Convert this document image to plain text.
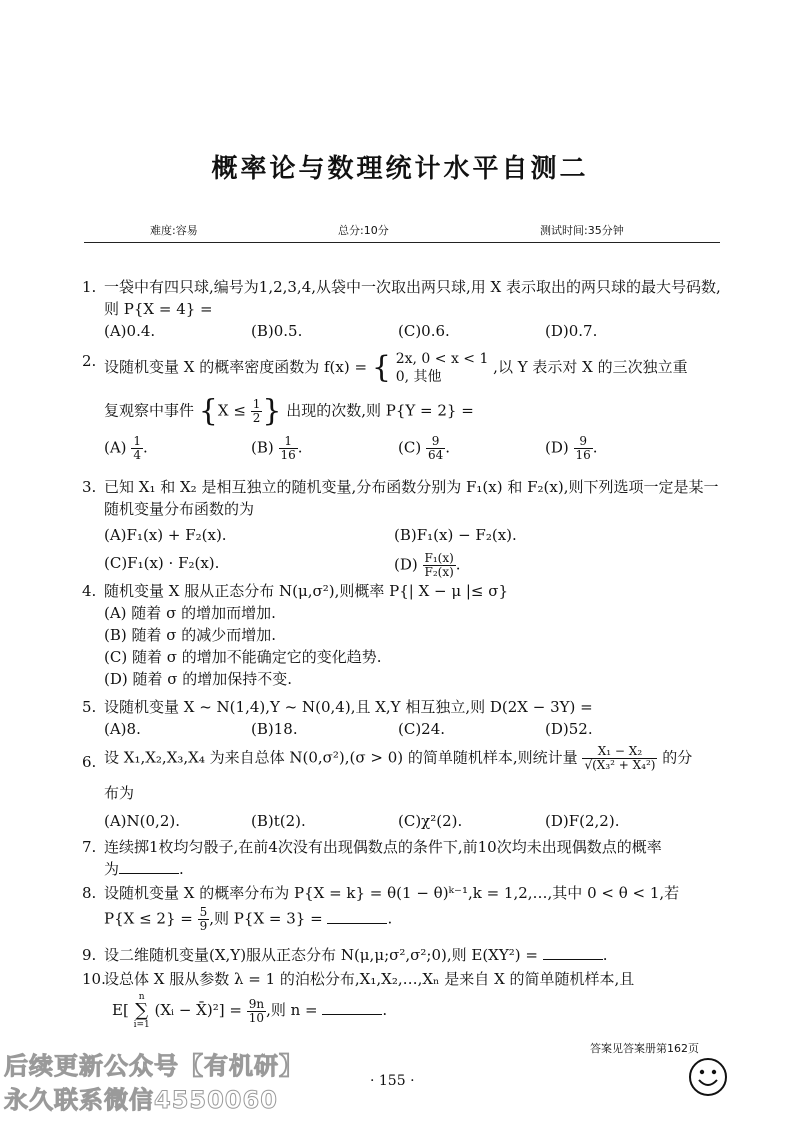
概率论与数理统计水平自测二
难度:容易	总分:10分	测试时间:35分钟
1. 一袋中有四只球,编号为1,2,3,4,从袋中一次取出两只球,用 X 表示取出的两只球的最大号码数,则 P{X = 4} =
(A)0.4.	(B)0.5.	(C)0.6.	(D)0.7.
2. 设随机变量 X 的概率密度函数为 f(x) = { 2x, 0 < x < 1
0, 其他
,以 Y 表示对 X 的三次独立重
复观察中事件 {$X \le \frac{1}{2}$ } 出现的次数,则 P{Y = 2} =
$(A) \frac{1}{4}$ .	$(B) \frac{1}{16}$ .	$(C) \frac{9}{64}$ .	$(D) \frac{9}{16}$ .
3. 已知 X₁ 和 X₂ 是相互独立的随机变量,分布函数分别为 F₁(x) 和 F₂(x),则下列选项一定是某一随机变量分布函数的为
(A)F₁(x) + F₂(x).	(B)F₁(x) − F₂(x).
(C)F₁(x) · F₂(x).	$(D) \frac{\text{F₁(x)}}{\text{F₂(x)}}$ .
4. 随机变量 X 服从正态分布 N(μ,σ²),则概率 P{| X − μ |≤ σ}
(A) 随着 σ 的增加而增加.
(B) 随着 σ 的减少而增加.
(C) 随着 σ 的增加不能确定它的变化趋势.
(D) 随着 σ 的增加保持不变.
5. 设随机变量 X ~ N(1,4),Y ~ N(0,4),且 X,Y 相互独立,则 D(2X − 3Y) =
(A)8.	(B)18.	(C)24.	(D)52.
6. 设 X₁,X₂,X₃,X₄ 为来自总体 N(0,σ²),(σ > 0) 的简单随机样本,则统计量 $\frac{\text{X₁ − X₂}}{\text{√(X₃² + X₄²)}}$ 的分
布为
(A)N(0,2).	(B)t(2).	(C)χ²(2).	(D)F(2,2).
7. 连续掷1枚均匀骰子,在前4次没有出现偶数点的条件下,前10次均未出现偶数点的概率
为	.
8. 设随机变量 X 的概率分布为 P{X = k} = θ(1 − θ)ᵏ⁻¹,k = 1,2,…,其中 0 < θ < 1,若
$P\{X \le 2\} = \frac{5}{9}$ ,则 P{X = 3} =	.
9. 设二维随机变量(X,Y)服从正态分布 N(μ,μ;σ²,σ²;0),则 E(XY²) =	.
10.
设总体 X 服从参数 λ = 1 的泊松分布,X₁,X₂,…,Xₙ 是来自 X 的简单随机样本,且
E[
n
∑
i=1
(Xᵢ − X̄)²] = $\frac{9n}{10}$ ,则 n =	.
答案见答案册第162页
· 155 ·
后续更新公众号【有机研】
永久联系微信4550060
